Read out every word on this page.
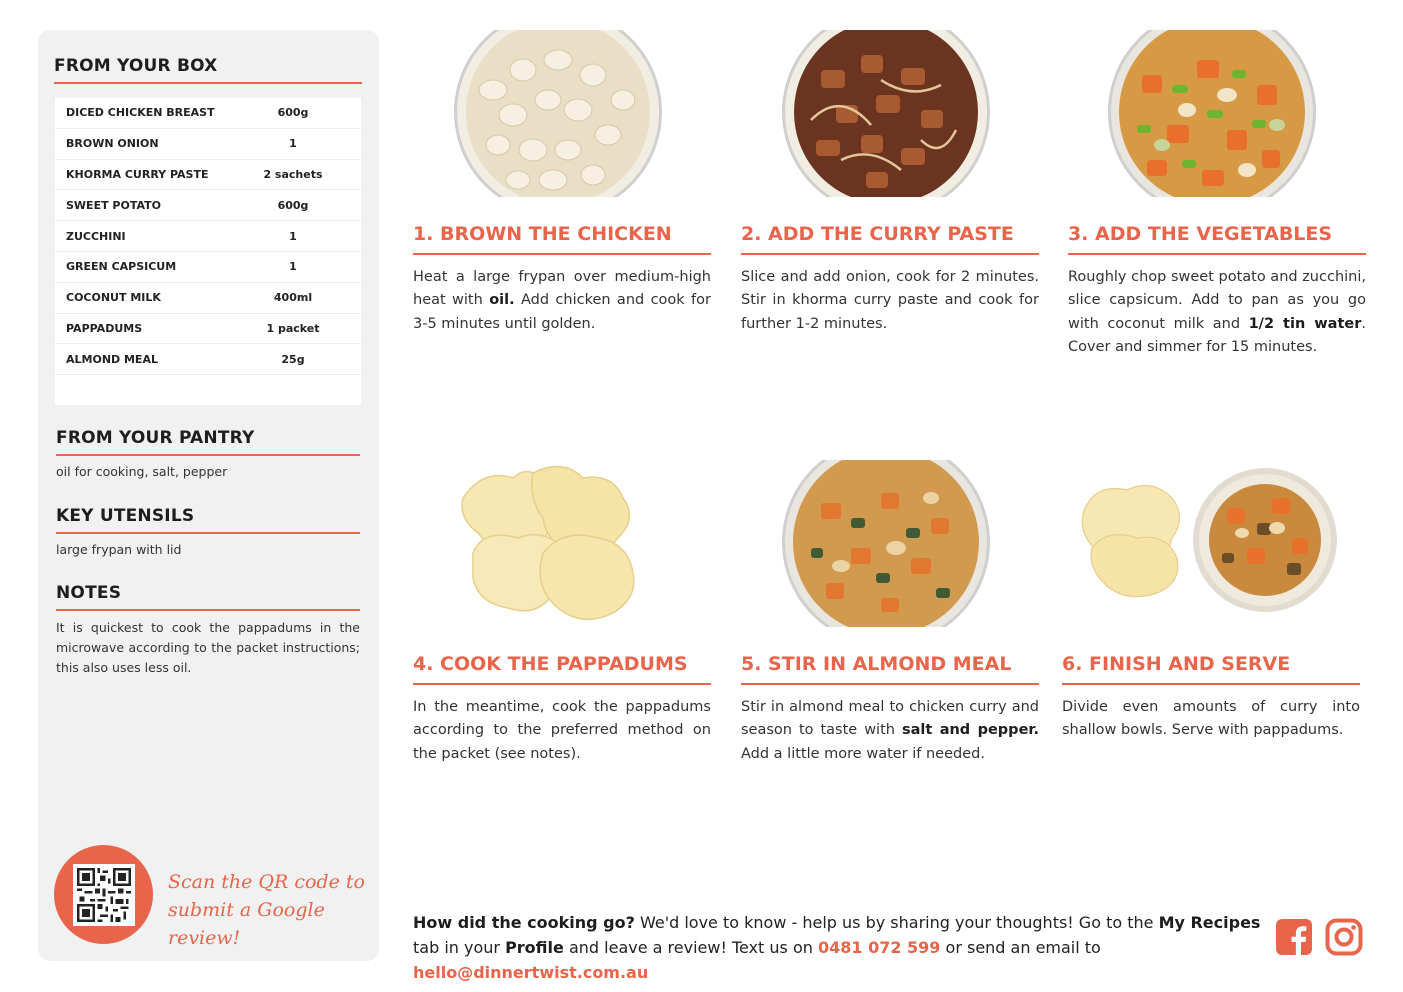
FROM YOUR BOX
DICED CHICKEN BREAST	600g
BROWN ONION	1
KHORMA CURRY PASTE	2 sachets
SWEET POTATO	600g
ZUCCHINI	1
GREEN CAPSICUM	1
COCONUT MILK	400ml
PAPPADUMS	1 packet
ALMOND MEAL	25g
FROM YOUR PANTRY
oil for cooking, salt, pepper
KEY UTENSILS
large frypan with lid
NOTES
It is quickest to cook the pappadums in the microwave according to the packet instructions; this also uses less oil.
Scan the QR code to
submit a Google review!
1. BROWN THE CHICKEN
Heat a large frypan over medium-high heat with oil. Add chicken and cook for 3-5 minutes until golden.
2. ADD THE CURRY PASTE
Slice and add onion, cook for 2 minutes. Stir in khorma curry paste and cook for further 1-2 minutes.
3. ADD THE VEGETABLES
Roughly chop sweet potato and zucchini, slice capsicum. Add to pan as you go with coconut milk and 1/2 tin water. Cover and simmer for 15 minutes.
4. COOK THE PAPPADUMS
In the meantime, cook the pappadums according to the preferred method on the packet (see notes).
5. STIR IN ALMOND MEAL
Stir in almond meal to chicken curry and season to taste with salt and pepper. Add a little more water if needed.
6. FINISH AND SERVE
Divide even amounts of curry into shallow bowls. Serve with pappadums.
How did the cooking go? We'd love to know - help us by sharing your thoughts! Go to the My Recipes tab in your Profile and leave a review! Text us on 0481 072 599 or send an email to hello@dinnertwist.com.au
